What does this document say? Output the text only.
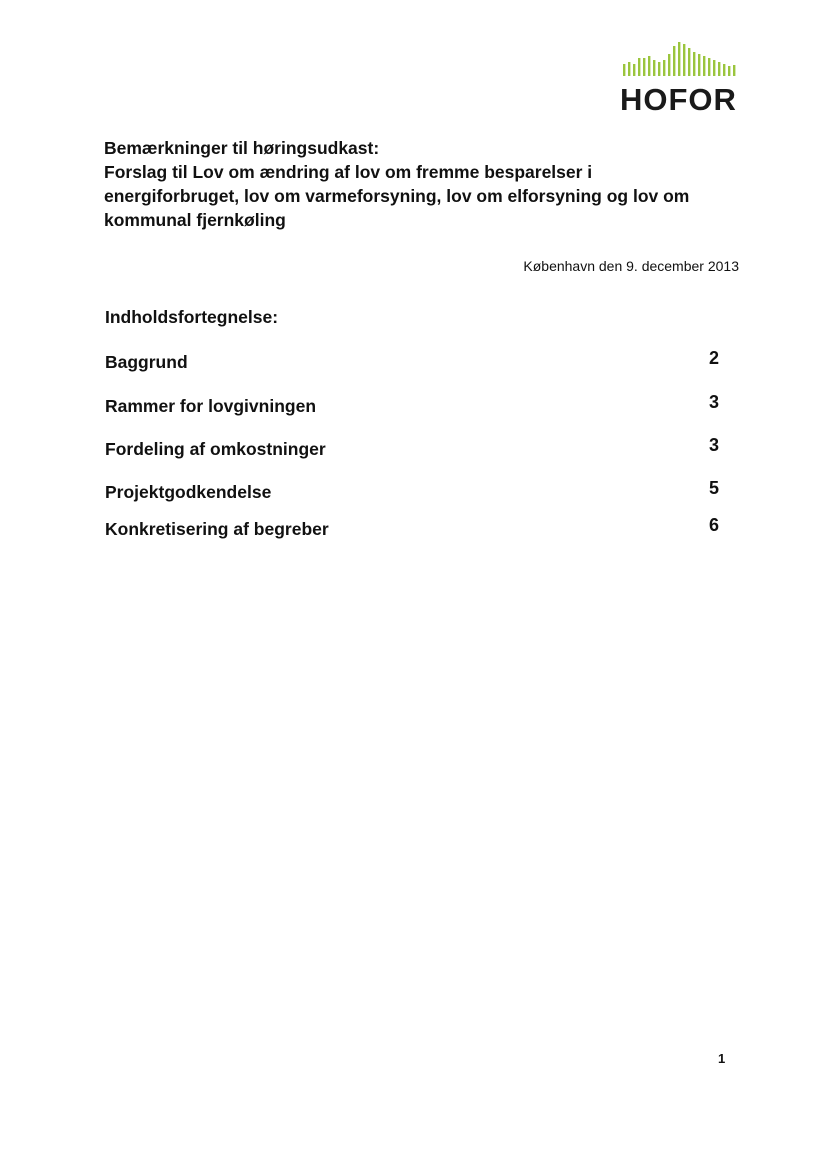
HOFOR
Bemærkninger til høringsudkast:
Forslag til Lov om ændring af lov om fremme besparelser i
energiforbruget, lov om varmeforsyning, lov om elforsyning og lov om
kommunal fjernkøling
København den 9. december 2013
Indholdsfortegnelse:
Baggrund	2
Rammer for lovgivningen	3
Fordeling af omkostninger	3
Projektgodkendelse	5
Konkretisering af begreber	6
1
